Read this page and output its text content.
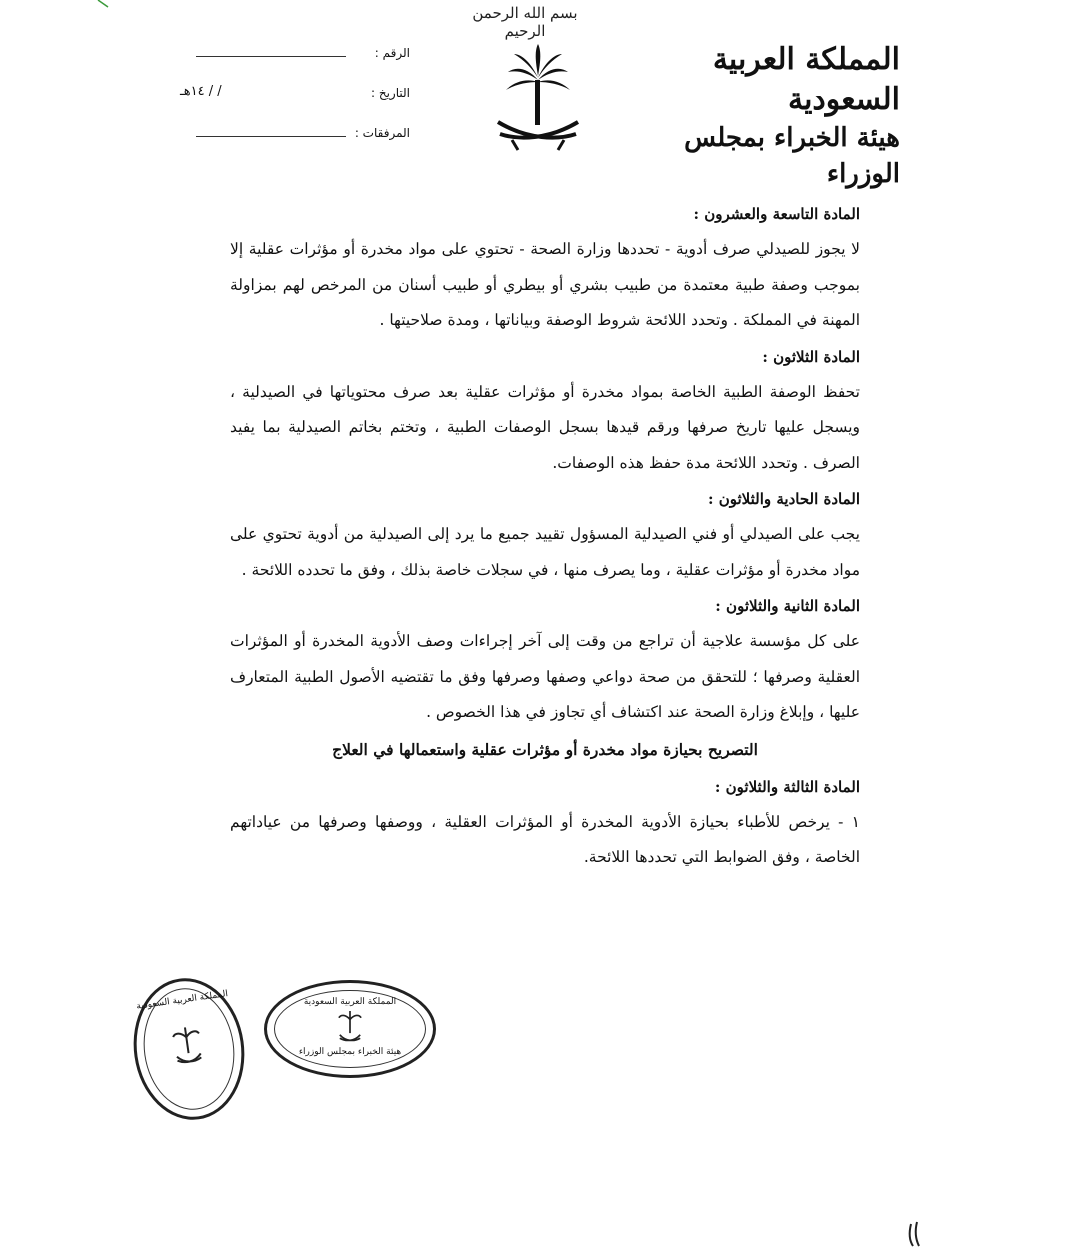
بسم الله الرحمن الرحيم
المملكة العربية السعودية
هيئة الخبراء بمجلس الوزراء
الرقم :
التاريخ :
١٤هـ / /
المرفقات :
المادة التاسعة والعشرون :
لا يجوز للصيدلي صرف أدوية - تحددها وزارة الصحة - تحتوي على مواد مخدرة أو مؤثرات عقلية إلا بموجب وصفة طبية معتمدة من طبيب بشري أو بيطري أو طبيب أسنان من المرخص لهم بمزاولة المهنة في المملكة . وتحدد اللائحة شروط الوصفة وبياناتها ، ومدة صلاحيتها .
المادة الثلاثون :
تحفظ الوصفة الطبية الخاصة بمواد مخدرة أو مؤثرات عقلية بعد صرف محتوياتها في الصيدلية ، ويسجل عليها تاريخ صرفها ورقم قيدها بسجل الوصفات الطبية ، وتختم بخاتم الصيدلية بما يفيد الصرف . وتحدد اللائحة مدة حفظ هذه الوصفات.
المادة الحادية والثلاثون :
يجب على الصيدلي أو فني الصيدلية المسؤول تقييد جميع ما يرد إلى الصيدلية من أدوية تحتوي على مواد مخدرة أو مؤثرات عقلية ، وما يصرف منها ، في سجلات خاصة بذلك ، وفق ما تحدده اللائحة .
المادة الثانية والثلاثون :
على كل مؤسسة علاجية أن تراجع من وقت إلى آخر إجراءات وصف الأدوية المخدرة أو المؤثرات العقلية وصرفها ؛ للتحقق من صحة دواعي وصفها وصرفها وفق ما تقتضيه الأصول الطبية المتعارف عليها ، وإبلاغ وزارة الصحة عند اكتشاف أي تجاوز في هذا الخصوص .
التصريح بحيازة مواد مخدرة أو مؤثرات عقلية واستعمالها في العلاج
المادة الثالثة والثلاثون :
١ - يرخص للأطباء بحيازة الأدوية المخدرة أو المؤثرات العقلية ، ووصفها وصرفها من عياداتهم الخاصة ، وفق الضوابط التي تحددها اللائحة.
المملكة العربية السعودية	المملكة العربية السعودية
هيئة الخبراء بمجلس الوزراء
